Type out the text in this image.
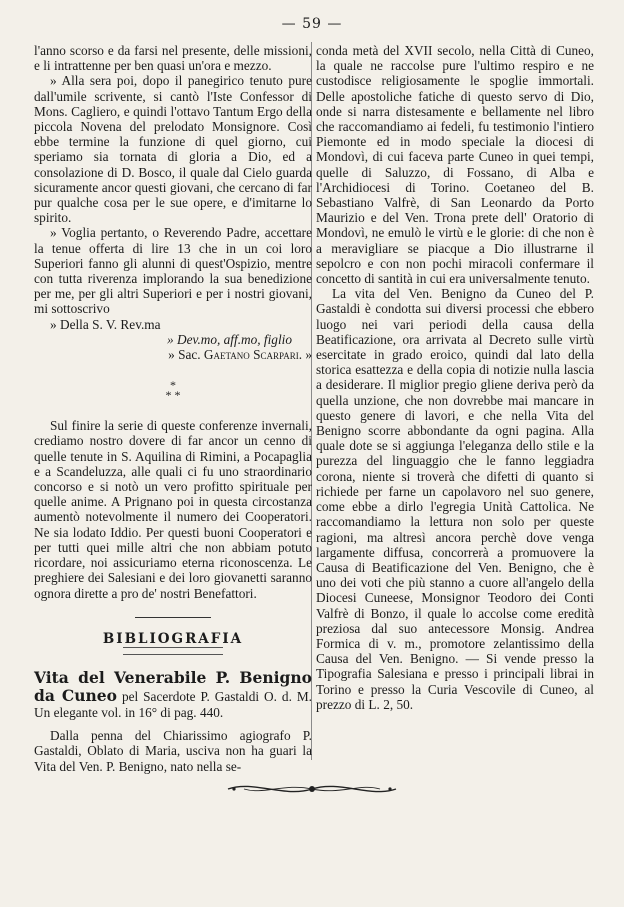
— 59 —

l'anno scorso e da farsi nel presente, delle missioni, e li intrattenne per ben quasi un'ora e mezzo.

» Alla sera poi, dopo il panegirico tenuto pure dall'umile scrivente, si cantò l'Iste Confessor di Mons. Cagliero, e quindi l'ottavo Tantum Ergo della piccola Novena del prelodato Monsignore. Così ebbe termine la funzione di quel giorno, cui speriamo sia tornata di gloria a Dio, ed a consolazione di D. Bosco, il quale dal Cielo guarda sicuramente ancor questi giovani, che cercano di far pur qualche cosa per le sue opere, e d'imitarne lo spirito.

» Voglia pertanto, o Reverendo Padre, accettare la tenue offerta di lire 13 che in un coi loro Superiori fanno gli alunni di quest'Ospizio, mentre con tutta riverenza implorando la sua benedizione per me, per gli altri Superiori e per i nostri giovani, mi sottoscrivo

» Della S. V. Rev.ma

» Dev.mo, aff.mo, figlio

» Sac. Gaetano Scarpari. »

*
* *

Sul finire la serie di queste conferenze invernali, crediamo nostro dovere di far ancor un cenno di quelle tenute in S. Aquilina di Rimini, a Pocapaglia e a Scandeluzza, alle quali ci fu uno straordinario concorso e si notò un vero profitto spirituale per quelle anime. A Prignano poi in questa circostanza aumentò notevolmente il numero dei Cooperatori. Ne sia lodato Iddio. Per questi buoni Cooperatori e per tutti quei mille altri che non abbiam potuto ricordare, noi assicuriamo eterna riconoscenza. Le preghiere dei Salesiani e dei loro giovanetti saranno ognora dirette a pro de' nostri Benefattori.

BIBLIOGRAFIA

Vita del Venerabile P. Benigno da Cuneo pel Sacerdote P. Gastaldi O. d. M. Un elegante vol. in 16° di pag. 440.

Dalla penna del Chiarissimo agiografo P. Gastaldi, Oblato di Maria, usciva non ha guari la Vita del Ven. P. Benigno, nato nella se-

conda metà del XVII secolo, nella Città di Cuneo, la quale ne raccolse pure l'ultimo respiro e ne custodisce religiosamente le spoglie immortali. Delle apostoliche fatiche di questo servo di Dio, onde si narra distesamente e bellamente nel libro che raccomandiamo ai fedeli, fu testimonio l'intiero Piemonte ed in modo speciale la diocesi di Mondovì, di cui faceva parte Cuneo in quei tempi, quelle di Saluzzo, di Fossano, di Alba e l'Archidiocesi di Torino. Coetaneo del B. Sebastiano Valfrè, di San Leonardo da Porto Maurizio e del Ven. Trona prete dell' Oratorio di Mondovì, ne emulò le virtù e le glorie: di che non è a meravigliare se piacque a Dio illustrarne il sepolcro e con non pochi miracoli confermare il concetto di santità in cui era universalmente tenuto.

La vita del Ven. Benigno da Cuneo del P. Gastaldi è condotta sui diversi processi che ebbero luogo nei vari periodi della causa della Beatificazione, ora arrivata al Decreto sulle virtù esercitate in grado eroico, quindi dal lato della storica esattezza e della copia di notizie nulla lascia a desiderare. Il miglior pregio gliene deriva però da quella unzione, che non dovrebbe mai mancare in questo genere di lavori, e che nella Vita del Benigno scorre abbondante da ogni pagina. Alla quale dote se si aggiunga l'eleganza dello stile e la purezza del linguaggio che le fanno leggiadra corona, niente si troverà che difetti di quanto si richiede per farne un capolavoro nel suo genere, come ebbe a dirlo l'egregia Unità Cattolica. Ne raccomandiamo la lettura non solo per queste ragioni, ma altresì ancora perchè dove venga largamente diffusa, concorrerà a promuovere la Causa di Beatificazione del Ven. Benigno, che è uno dei voti che più stanno a cuore all'angelo della Diocesi Cuneese, Monsignor Teodoro dei Conti Valfrè di Bonzo, il quale lo accolse come eredità preziosa dal suo antecessore Monsig. Andrea Formica di v. m., promotore zelantissimo della Causa del Ven. Benigno. — Si vende presso la Tipografia Salesiana e presso i principali librai in Torino e presso la Curia Vescovile di Cuneo, al prezzo di L. 2, 50.
